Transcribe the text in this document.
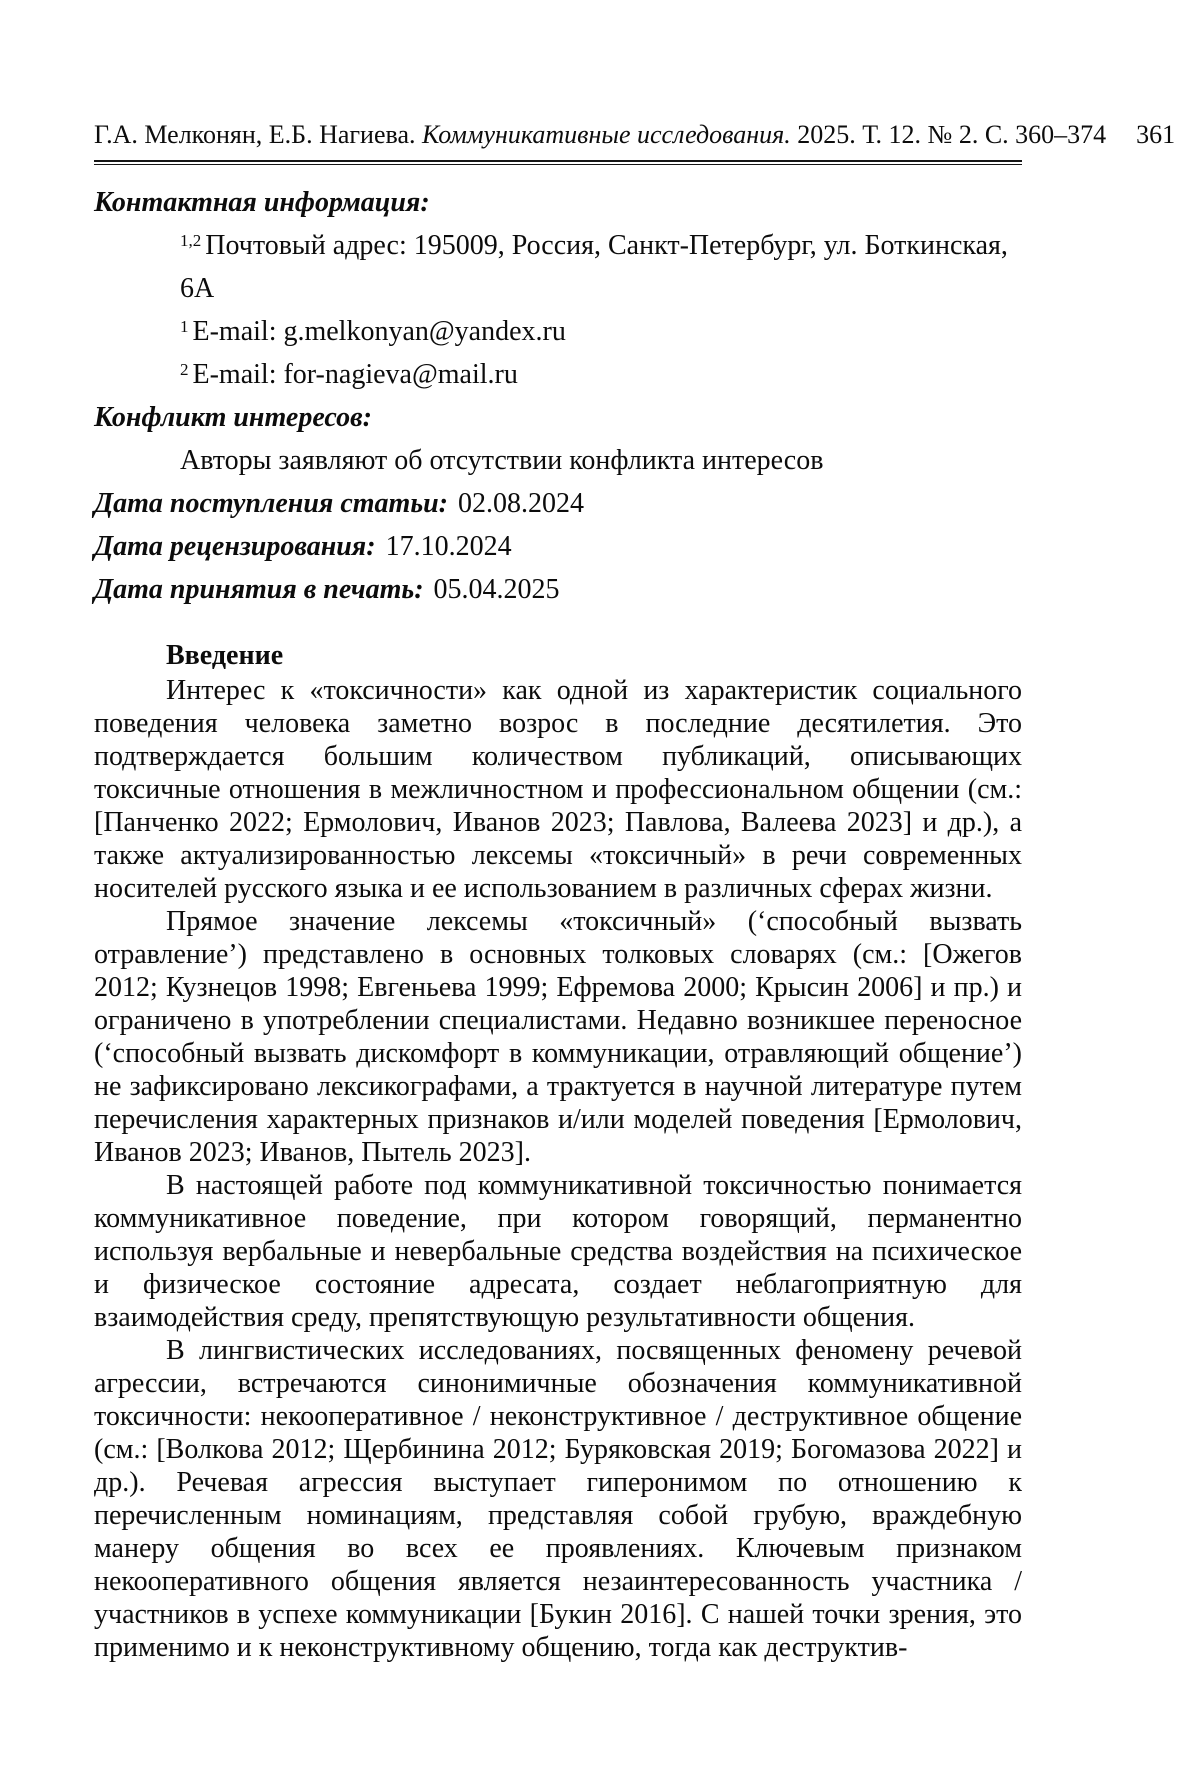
Г.А. Мелконян, Е.Б. Нагиева. Коммуникативные исследования. 2025. Т. 12. № 2. С. 360–374	361
Контактная информация:
$^{1,2}$ Почтовый адрес: 195009, Россия, Санкт-Петербург, ул. Боткинская, 6А
$^1$ E-mail: g.melkonyan@yandex.ru
$^2$ E-mail: for-nagieva@mail.ru
Конфликт интересов:
Авторы заявляют об отсутствии конфликта интересов
Дата поступления статьи: 02.08.2024
Дата рецензирования: 17.10.2024
Дата принятия в печать: 05.04.2025
Введение

Интерес к «токсичности» как одной из характеристик социального поведения человека заметно возрос в последние десятилетия. Это подтверждается большим количеством публикаций, описывающих токсичные отношения в межличностном и профессиональном общении (см.: [Панченко 2022; Ермолович, Иванов 2023; Павлова, Валеева 2023] и др.), а также актуализированностью лексемы «токсичный» в речи современных носителей русского языка и ее использованием в различных сферах жизни.

Прямое значение лексемы «токсичный» (‘способный вызвать отравление’) представлено в основных толковых словарях (см.: [Ожегов 2012; Кузнецов 1998; Евгеньева 1999; Ефремова 2000; Крысин 2006] и пр.) и ограничено в употреблении специалистами. Недавно возникшее переносное (‘способный вызвать дискомфорт в коммуникации, отравляющий общение’) не зафиксировано лексикографами, а трактуется в научной литературе путем перечисления характерных признаков и/или моделей поведения [Ермолович, Иванов 2023; Иванов, Пытель 2023].

В настоящей работе под коммуникативной токсичностью понимается коммуникативное поведение, при котором говорящий, перманентно используя вербальные и невербальные средства воздействия на психическое и физическое состояние адресата, создает неблагоприятную для взаимодействия среду, препятствующую результативности общения.

В лингвистических исследованиях, посвященных феномену речевой агрессии, встречаются синонимичные обозначения коммуникативной токсичности: некооперативное / неконструктивное / деструктивное общение (см.: [Волкова 2012; Щербинина 2012; Буряковская 2019; Богомазова 2022] и др.). Речевая агрессия выступает гиперонимом по отношению к перечисленным номинациям, представляя собой грубую, враждебную манеру общения во всех ее проявлениях. Ключевым признаком некооперативного общения является незаинтересованность участника / участников в успехе коммуникации [Букин 2016]. С нашей точки зрения, это применимо и к неконструктивному общению, тогда как деструктив-
